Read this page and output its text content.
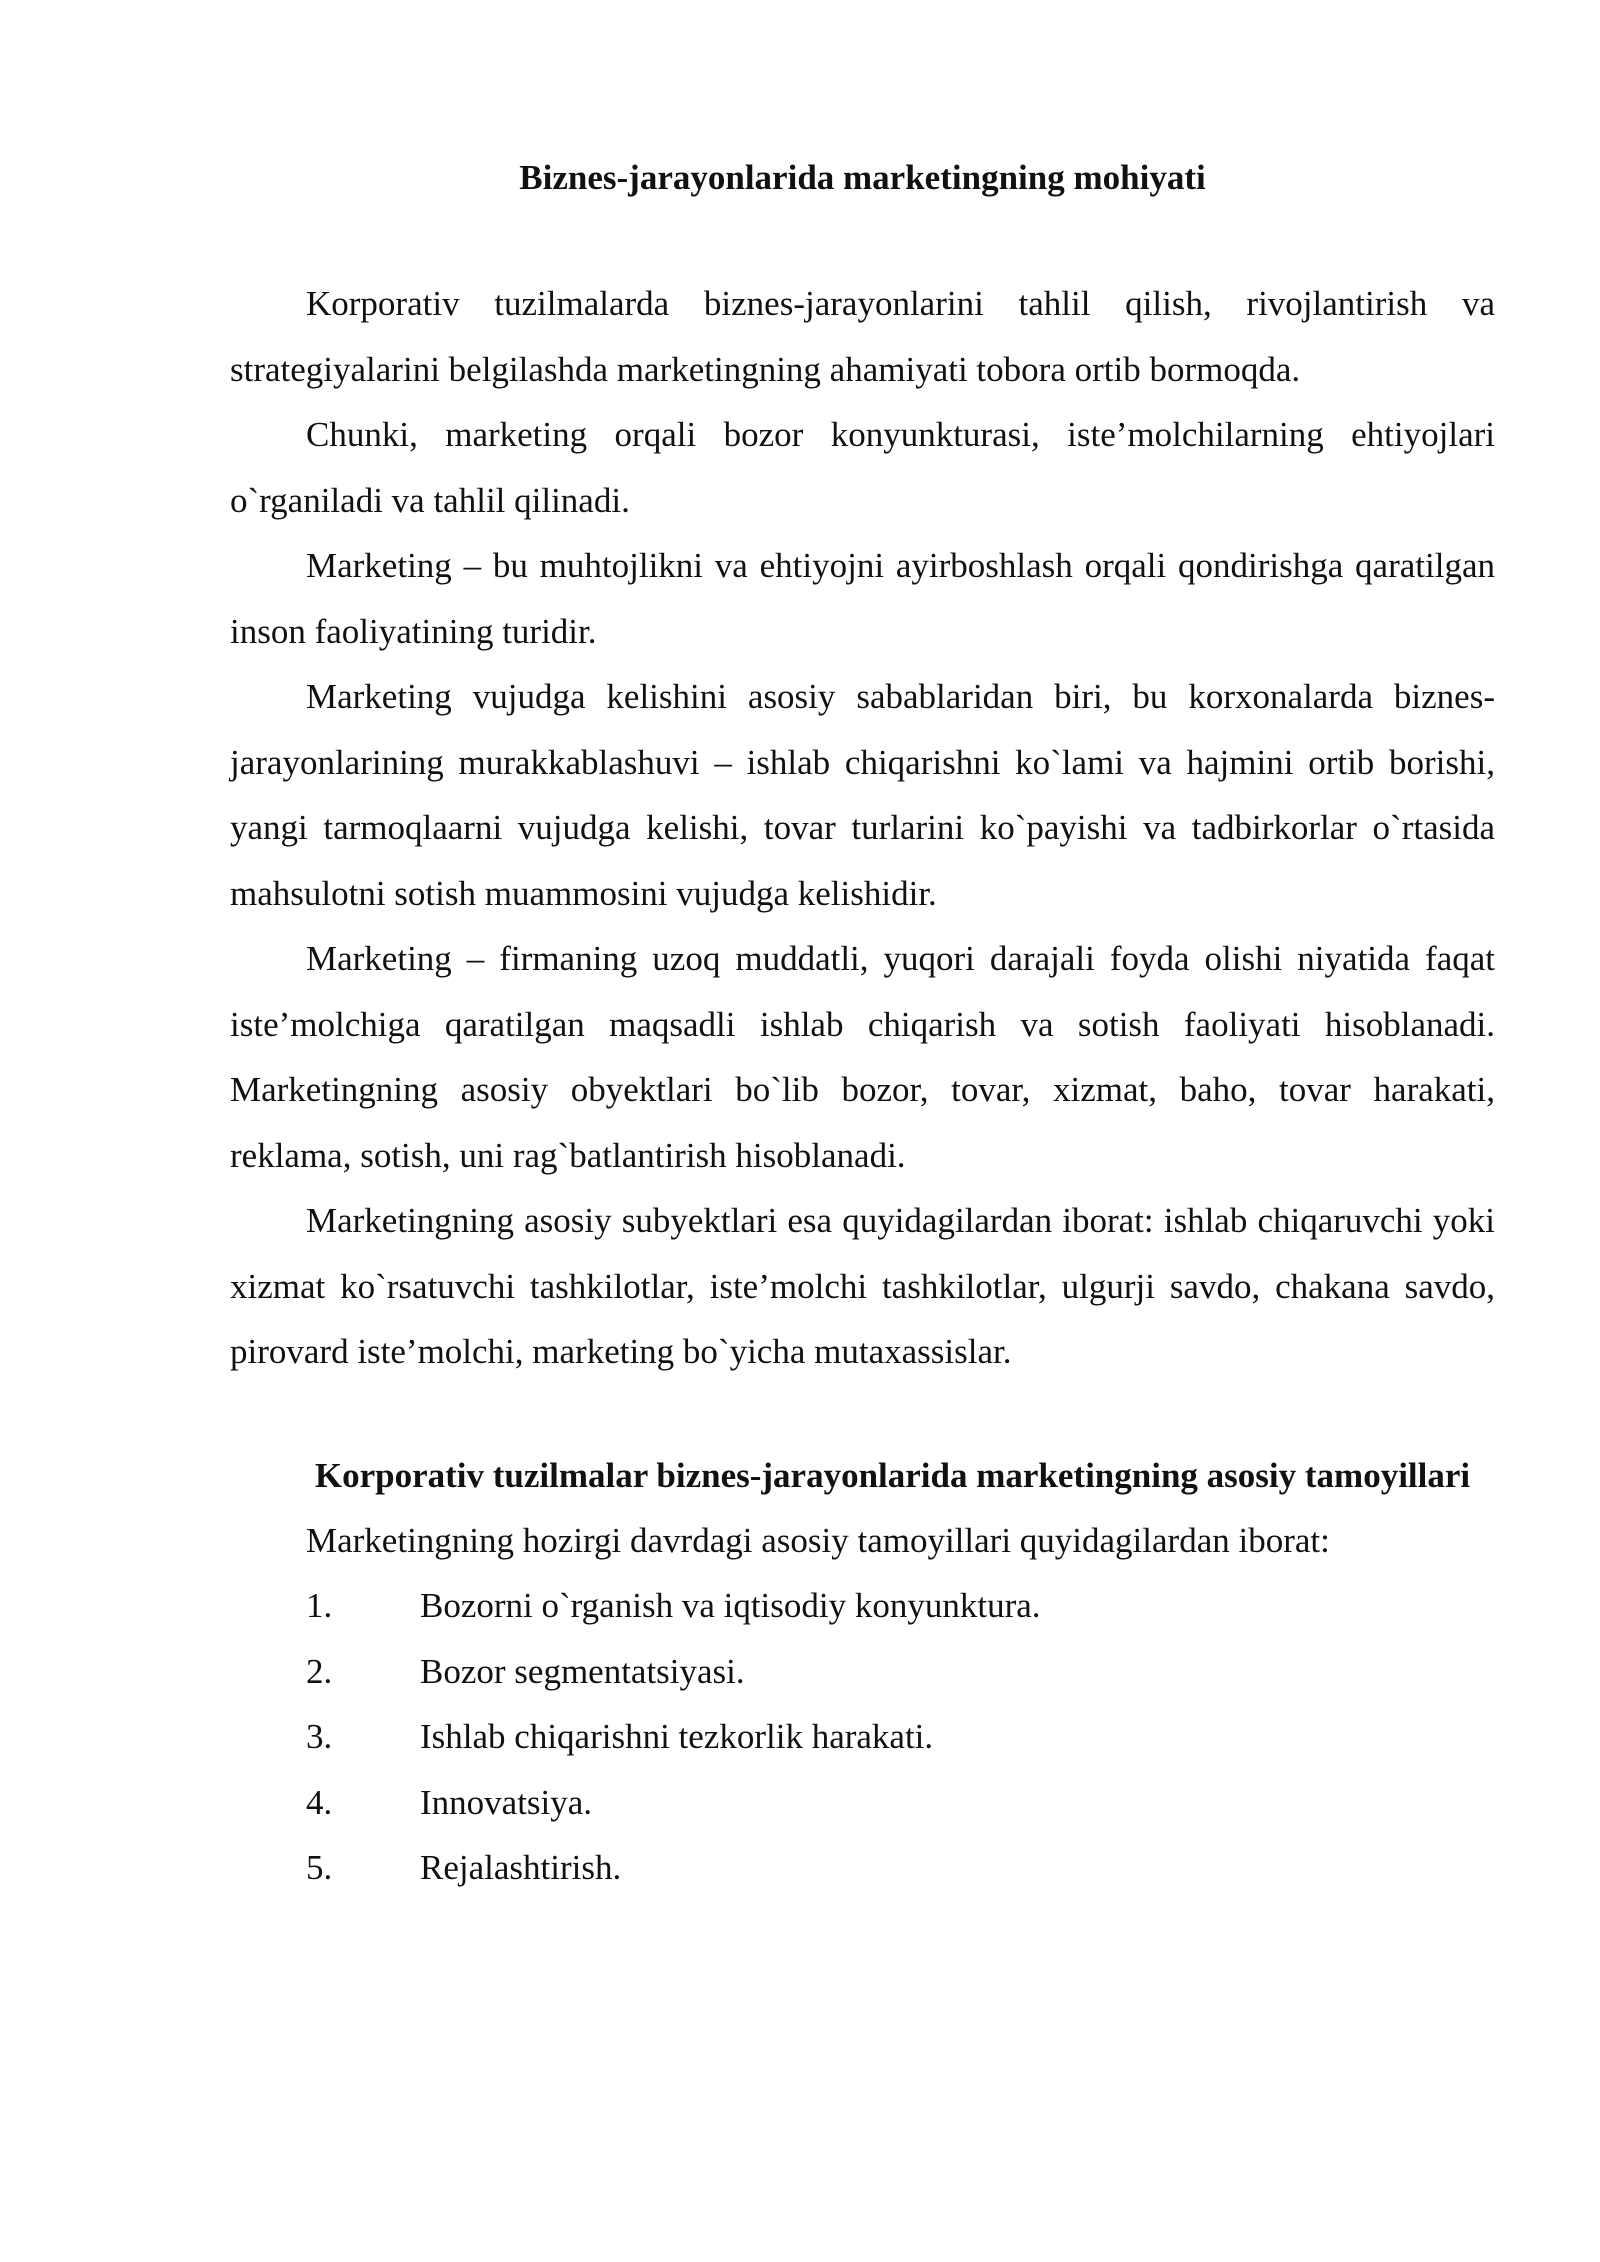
Biznes-jarayonlarida marketingning mohiyati

Korporativ tuzilmalarda biznes-jarayonlarini tahlil qilish, rivojlantirish va strategiyalarini belgilashda marketingning ahamiyati tobora ortib bormoqda.

Chunki, marketing orqali bozor konyunkturasi, iste’molchilarning ehtiyojlari o`rganiladi va tahlil qilinadi.

Marketing – bu muhtojlikni va ehtiyojni ayirboshlash orqali qondirishga qaratilgan inson faoliyatining turidir.

Marketing vujudga kelishini asosiy sabablaridan biri, bu korxonalarda biznes-jarayonlarining murakkablashuvi – ishlab chiqarishni ko`lami va hajmini ortib borishi, yangi tarmoqlaarni vujudga kelishi, tovar turlarini ko`payishi va tadbirkorlar o`rtasida mahsulotni sotish muammosini vujudga kelishidir.

Marketing – firmaning uzoq muddatli, yuqori darajali foyda olishi niyatida faqat iste’molchiga qaratilgan maqsadli ishlab chiqarish va sotish faoliyati hisoblanadi. Marketingning asosiy obyektlari bo`lib bozor, tovar, xizmat, baho, tovar harakati, reklama, sotish, uni rag`batlantirish hisoblanadi.

Marketingning asosiy subyektlari esa quyidagilardan iborat: ishlab chiqaruvchi yoki xizmat ko`rsatuvchi tashkilotlar, iste’molchi tashkilotlar, ulgurji savdo, chakana savdo, pirovard iste’molchi, marketing bo`yicha mutaxassislar.

Korporativ tuzilmalar biznes-jarayonlarida marketingning asosiy tamoyillari

Marketingning hozirgi davrdagi asosiy tamoyillari quyidagilardan iborat:

1.	Bozorni o`rganish va iqtisodiy konyunktura.
2.	Bozor segmentatsiyasi.
3.	Ishlab chiqarishni tezkorlik harakati.
4.	Innovatsiya.
5.	Rejalashtirish.
